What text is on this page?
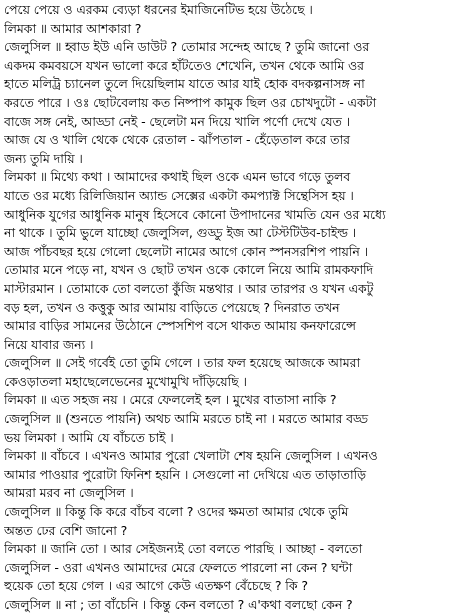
পেয়ে পেয়ে ও এরকম ব্যেড়া ধরনের ইমাজিনেটিভ হয়ে উঠেছে ।
লিমকা ॥ আমার আশকারা ?
জেলুসিল ॥ হ্বাড ইউ এনি ডাউট ? তোমার সন্দেহ আছে ? তুমি জানো ওর
একদম কমবয়সে যখন ভালো করে হাঁটতেও শেখেনি, তখন থেকে আমি ওর
হাতে মলিট্র চ্যানেল তুলে দিয়েছিলাম যাতে আর যাই হোক বদকল্পনাসঙ্গ না
করতে পারে । ওঃ ছোটবেলায় কত নিষ্পাপ কামুক ছিল ওর চোখদুটো - একটা
বাজে সঙ্গ নেই, আড্ডা নেই - ছেলেটা মন দিয়ে খালি পর্ণো দেখে যেত ।
আজ যে ও খালি থেকে থেকে রেতাল - ঝাঁপতাল - হেঁড়েতাল করে তার
জন্য তুমি দায়ি ।
লিমকা ॥ মিথ্যে কথা । আমাদের কথাই ছিল ওকে এমন ভাবে গড়ে তুলব
যাতে ওর মধ্যে রিলিজিয়ান অ্যান্ড সেক্সের একটা কমপ্যাক্ট সিন্থেসিস হয় ।
আধুনিক যুগের আধুনিক মানুষ হিসেবে কোনো উপাদানের খামতি যেন ওর মধ্যে
না থাকে । তুমি ভুলে যাচ্ছো জেলুসিল, গুড্ডু ইজ আ টেস্টটিউব-চাইল্ড ।
আজ পাঁচবছর হয়ে গেলো ছেলেটা নামের আগে কোন স্পনসরশিপ পায়নি ।
তোমার মনে পড়ে না, যখন ও ছোট তখন ওকে কোলে নিয়ে আমি রামকফাদি
মাস্টারমান । তোমাকে তো বলতো কুঁজি মন্তথার । আর তারপর ও যখন একটু
বড় হল, তখন ও কত্তুকু আর আমায় বাড়িতে পেয়েছে ? দিনরাত তখন
আমার বাড়ির সামনের উঠোনে স্পেসশিপ বসে থাকত আমায় কনফারেন্সে
নিয়ে যাবার জন্য ।
জেলুসিল ॥ সেই গর্বেই তো তুমি গেলে । তার ফল হয়েছে আজকে আমরা
কেওড়াতলা মহাছেলেভেনের মুখোমুখি দাঁড়িয়েছি ।
লিমকা ॥ এত সহজ নয় । মেরে ফেললেই হল । মুখের বাতাসা নাকি ?
জেলুসিল ॥ (শুনতে পায়নি) অথচ আমি মরতে চাই না । মরতে আমার বড্ড
ভয় লিমকা । আমি যে বাঁচতে চাই ।
লিমকা ॥ বাঁচবে । এখনও আমার পুরো খেলাটা শেষ হয়নি জেলুসিল । এখনও
আমার পাওয়ার পুরোটা ফিনিশ হয়নি । সেগুলো না দেখিয়ে এত তাড়াতাড়ি
আমরা মরব না জেলুসিল ।
জেলুসিল ॥ কিন্তু কি করে বাঁচব বলো ? ওদের ক্ষমতা আমার থেকে তুমি
অন্তত ঢের বেশি জানো ?
লিমকা ॥ জানি তো । আর সেইজন্যই তো বলতে পারছি । আচ্ছা - বলতো
জেলুসিল - ওরা এখনও আমাদের মেরে ফেলতে পারলো না কেন ? ঘন্টা
হুয়েক তো হয়ে গেল । এর আগে কেউ এতক্ষণ বেঁচেছে ? কি ?
জেলুসিল ॥ না ; তা বাঁচেনি । কিন্তু কেন বলতো ? এ'কথা বলছো কেন ?
